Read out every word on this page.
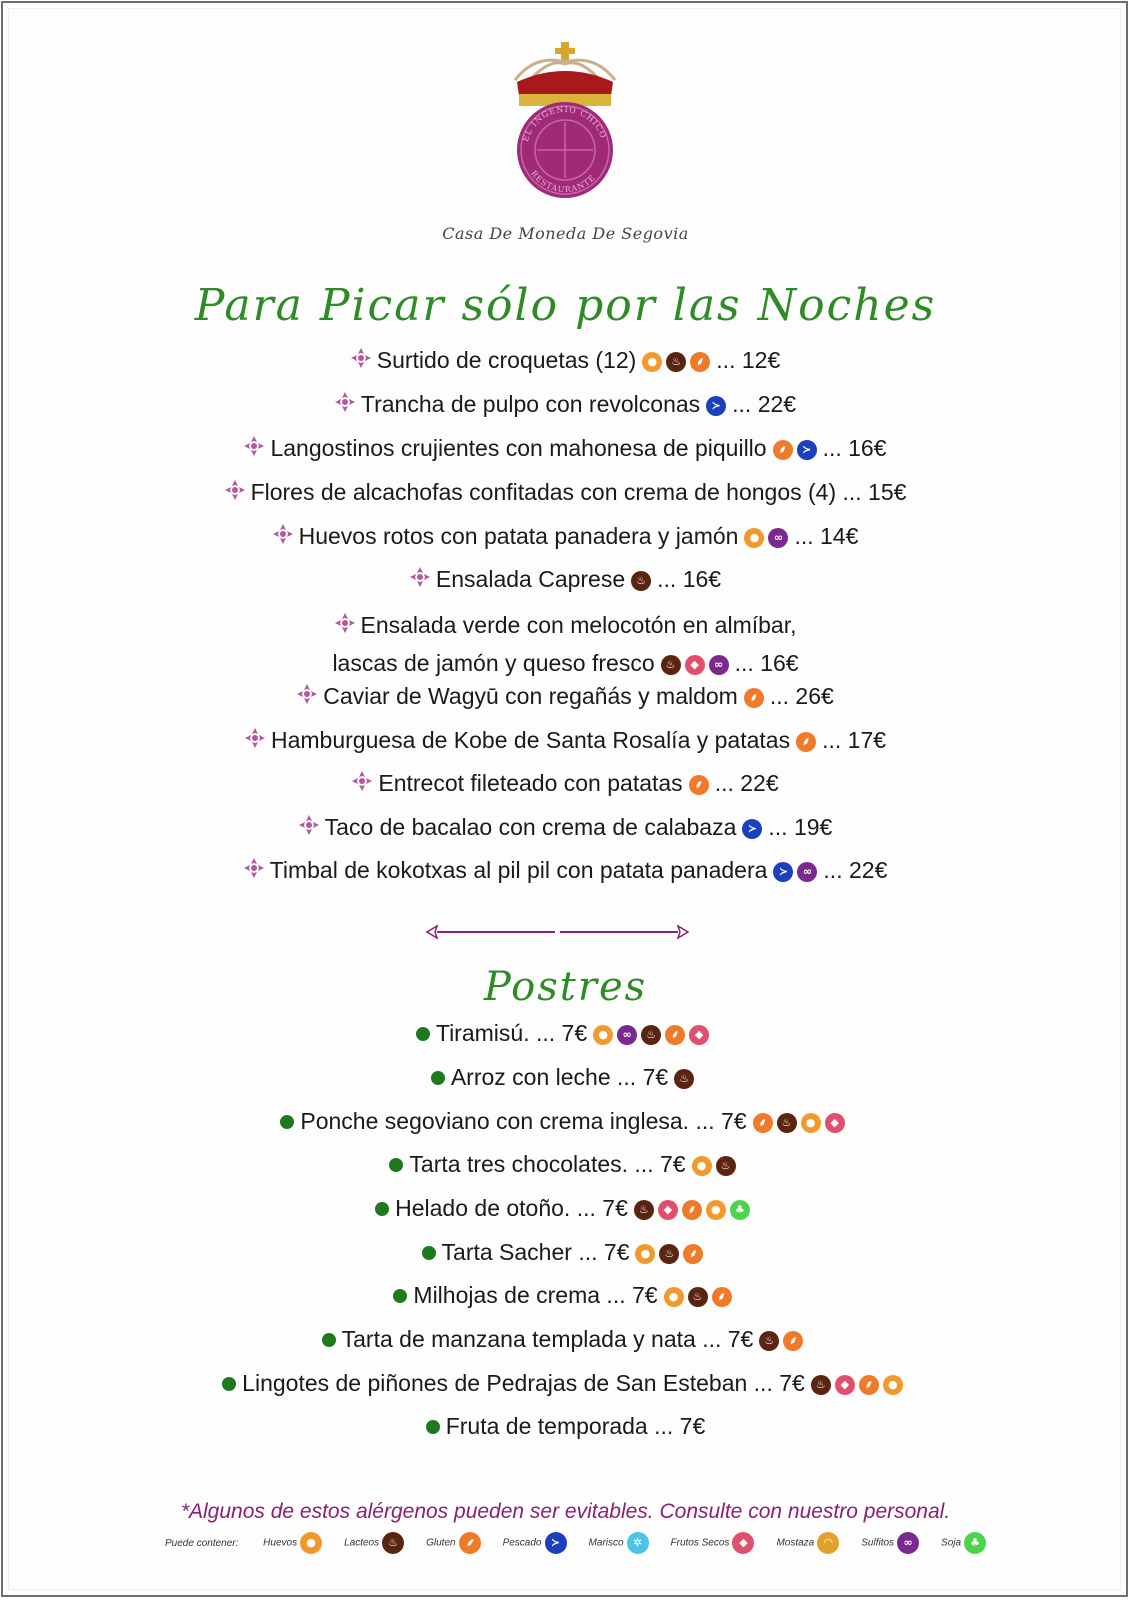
EL INGENIO CHICO
RESTAURANTE
Casa De Moneda De Segovia
Para Picar sólo por las Noches
Surtido de croquetas (12) ● ♨ ⸙ ... 12€
Trancha de pulpo con revolconas ≻ ... 22€
Langostinos crujientes con mahonesa de piquillo ⸙ ≻ ... 16€
Flores de alcachofas confitadas con crema de hongos (4) ... 15€
Huevos rotos con patata panadera y jamón ● ∞ ... 14€
Ensalada Caprese ♨ ... 16€
Ensalada verde con melocotón en almíbar,
lascas de jamón y queso fresco ♨ ◆ ∞ ... 16€
Caviar de Wagyū con regañás y maldom ⸙ ... 26€
Hamburguesa de Kobe de Santa Rosalía y patatas ⸙ ... 17€
Entrecot fileteado con patatas ⸙ ... 22€
Taco de bacalao con crema de calabaza ≻ ... 19€
Timbal de kokotxas al pil pil con patata panadera ≻ ∞ ... 22€
Postres
Tiramisú. ... 7€ ● ∞ ♨ ⸙ ◆
Arroz con leche ... 7€ ♨
Ponche segoviano con crema inglesa. ... 7€ ⸙ ♨ ● ◆
Tarta tres chocolates. ... 7€ ● ♨
Helado de otoño. ... 7€ ♨ ◆ ⸙ ● ♣
Tarta Sacher ... 7€ ● ♨ ⸙
Milhojas de crema ... 7€ ● ♨ ⸙
Tarta de manzana templada y nata ... 7€ ♨ ⸙
Lingotes de piñones de Pedrajas de San Esteban ... 7€ ♨ ◆ ⸙ ●
Fruta de temporada ... 7€
*Algunos de estos alérgenos pueden ser evitables. Consulte con nuestro personal.
Puede contener: Huevos ●	Lacteos ♨	Gluten ⸙	Pescado ≻	Marisco ✲	Frutos Secos ◆	Mostaza ◠	Sulfitos ∞	Soja ♣
